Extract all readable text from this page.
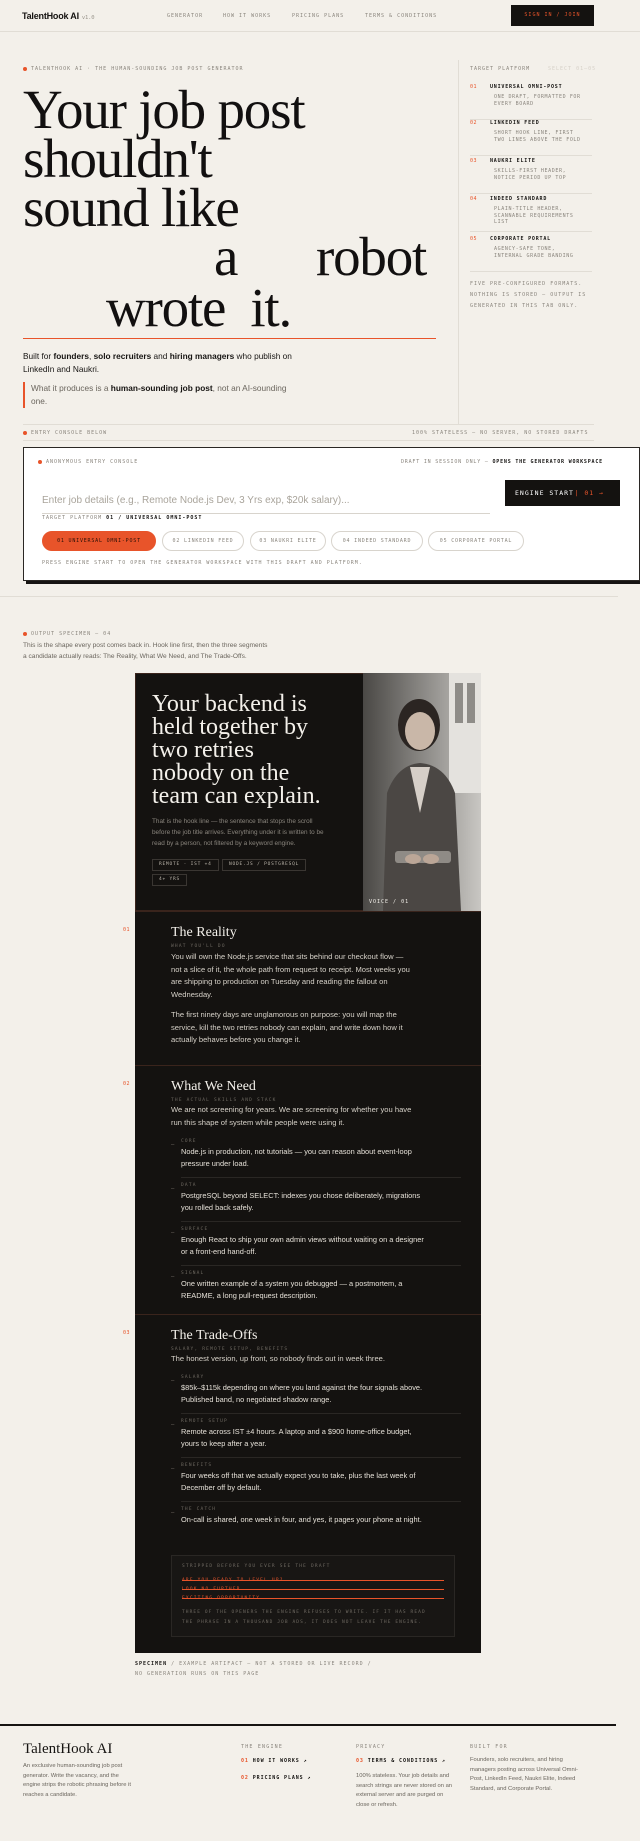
TalentHook AI v1.0	GENERATOR	HOW IT WORKS	PRICING PLANS	TERMS & CONDITIONS	SIGN IN / JOIN
TALENTHOOK AI · THE HUMAN-SOUNDING JOB POST GENERATOR
Your job post
shouldn't
sound like
a robot
wrote it.
Built for founders, solo recruiters and hiring managers who publish on LinkedIn and Naukri.
What it produces is a human-sounding job post, not an AI-sounding one.
TARGET PLATFORM	SELECT 01–05
01	UNIVERSAL OMNI-POST
ONE DRAFT, FORMATTED FOR
EVERY BOARD
02	LINKEDIN FEED
SHORT HOOK LINE, FIRST
TWO LINES ABOVE THE FOLD
03	NAUKRI ELITE
SKILLS-FIRST HEADER,
NOTICE PERIOD UP TOP
04	INDEED STANDARD
PLAIN-TITLE HEADER,
SCANNABLE REQUIREMENTS
LIST
05	CORPORATE PORTAL
AGENCY-SAFE TONE,
INTERNAL GRADE BANDING
FIVE PRE-CONFIGURED FORMATS.
NOTHING IS STORED — OUTPUT IS
GENERATED IN THIS TAB ONLY.
ENTRY CONSOLE BELOW	100% STATELESS — NO SERVER, NO STORED DRAFTS
ANONYMOUS ENTRY CONSOLE	DRAFT IN SESSION ONLY — OPENS THE GENERATOR WORKSPACE
Enter job details (e.g., Remote Node.js Dev, 3 Yrs exp, $20k salary)...
ENGINE START | 01 →
TARGET PLATFORM 01 / UNIVERSAL OMNI-POST
01 UNIVERSAL OMNI-POST	02 LINKEDIN FEED	03 NAUKRI ELITE	04 INDEED STANDARD	05 CORPORATE PORTAL
PRESS ENGINE START TO OPEN THE GENERATOR WORKSPACE WITH THIS DRAFT AND PLATFORM.
OUTPUT SPECIMEN — 04
This is the shape every post comes back in. Hook line first, then the three segments
a candidate actually reads: The Reality, What We Need, and The Trade-Offs.
Your backend is
held together by
two retries
nobody on the
team can explain.
That is the hook line — the sentence that stops the scroll
before the job title arrives. Everything under it is written to be
read by a person, not filtered by a keyword engine.
REMOTE · IST +4	NODE.JS / POSTGRESQL
4+ YRS
VOICE / 01
01	The Reality
WHAT YOU'LL DO
You will own the Node.js service that sits behind our checkout flow —
not a slice of it, the whole path from request to receipt. Most weeks you
are shipping to production on Tuesday and reading the fallout on
Wednesday.
The first ninety days are unglamorous on purpose: you will map the
service, kill the two retries nobody can explain, and write down how it
actually behaves before you change it.
02	What We Need
THE ACTUAL SKILLS AND STACK
We are not screening for years. We are screening for whether you have
run this shape of system while people were using it.
–
CORE
Node.js in production, not tutorials — you can reason about event-loop
pressure under load.
–
DATA
PostgreSQL beyond SELECT: indexes you chose deliberately, migrations
you rolled back safely.
–
SURFACE
Enough React to ship your own admin views without waiting on a designer
or a front-end hand-off.
–
SIGNAL
One written example of a system you debugged — a postmortem, a
README, a long pull-request description.
03	The Trade-Offs
SALARY, REMOTE SETUP, BENEFITS
The honest version, up front, so nobody finds out in week three.
–
SALARY
$85k–$115k depending on where you land against the four signals above.
Published band, no negotiated shadow range.
–
REMOTE SETUP
Remote across IST ±4 hours. A laptop and a $900 home-office budget,
yours to keep after a year.
–
BENEFITS
Four weeks off that we actually expect you to take, plus the last week of
December off by default.
–
THE CATCH
On-call is shared, one week in four, and yes, it pages your phone at night.
STRIPPED BEFORE YOU EVER SEE THE DRAFT
THREE OF THE OPENERS THE ENGINE REFUSES TO WRITE. IF IT HAS READ
THE PHRASE IN A THOUSAND JOB ADS, IT DOES NOT LEAVE THE ENGINE.
SPECIMEN / EXAMPLE ARTIFACT — NOT A STORED OR LIVE RECORD /
NO GENERATION RUNS ON THIS PAGE
TalentHook AI
An exclusive human-sounding job post
generator. Write the vacancy, and the
engine strips the robotic phrasing before it
reaches a candidate.
THE ENGINE
01 HOW IT WORKS ↗
02 PRICING PLANS ↗
PRIVACY
03 TERMS & CONDITIONS ↗
100% stateless. Your job details and
search strings are never stored on an
external server and are purged on
close or refresh.
BUILT FOR
Founders, solo recruiters, and hiring
managers posting across Universal Omni-
Post, LinkedIn Feed, Naukri Elite, Indeed
Standard, and Corporate Portal.
